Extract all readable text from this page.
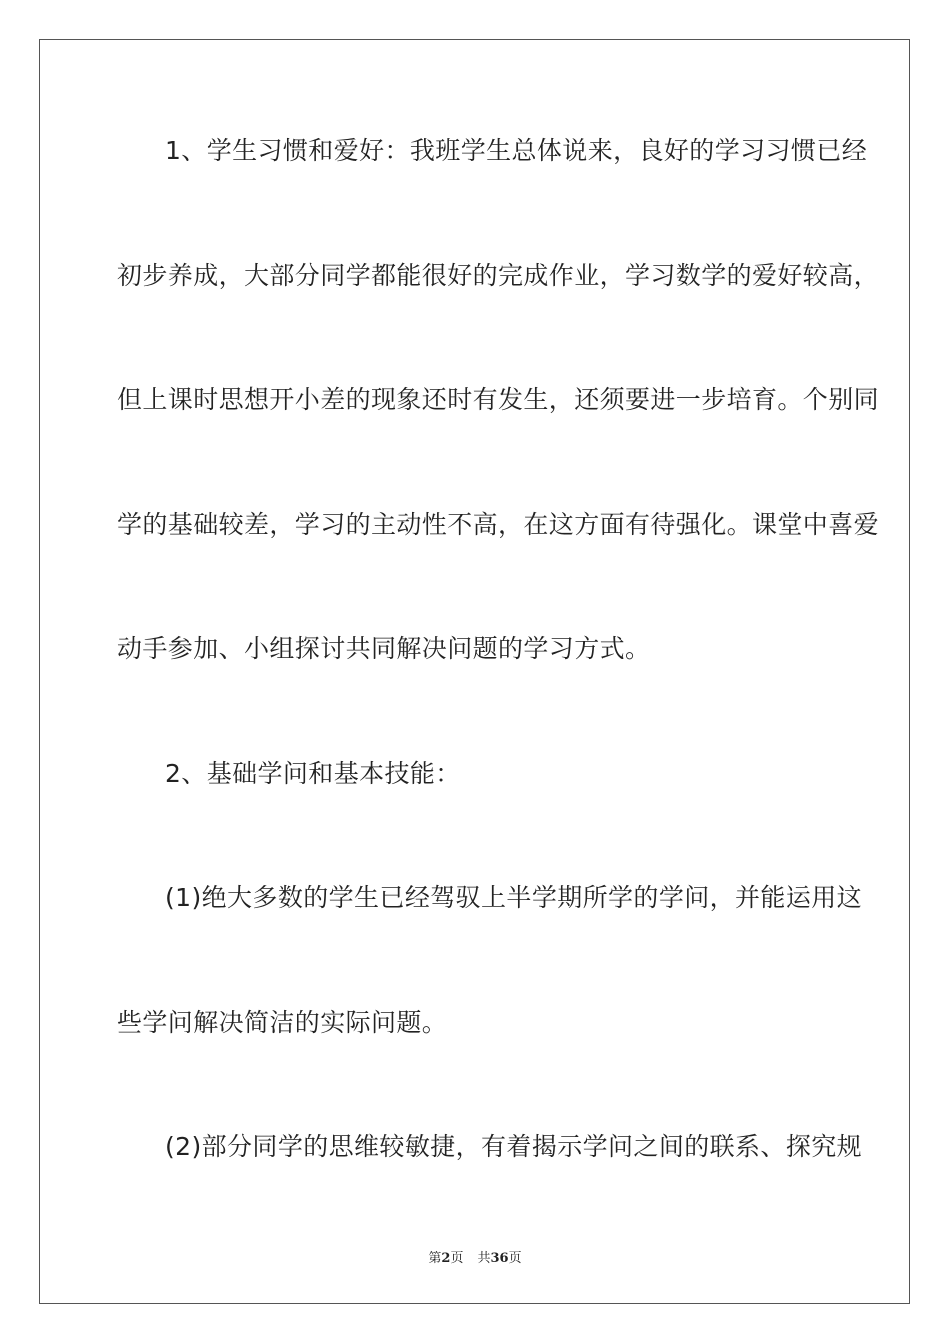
1、学生习惯和爱好：我班学生总体说来，良好的学习习惯已经
初步养成，大部分同学都能很好的完成作业，学习数学的爱好较高，
但上课时思想开小差的现象还时有发生，还须要进一步培育。个别同
学的基础较差，学习的主动性不高，在这方面有待强化。课堂中喜爱
动手参加、小组探讨共同解决问题的学习方式。
2、基础学问和基本技能：
(1)绝大多数的学生已经驾驭上半学期所学的学问，并能运用这
些学问解决简洁的实际问题。
(2)部分同学的思维较敏捷，有着揭示学问之间的联系、探究规
第2页 共36页
